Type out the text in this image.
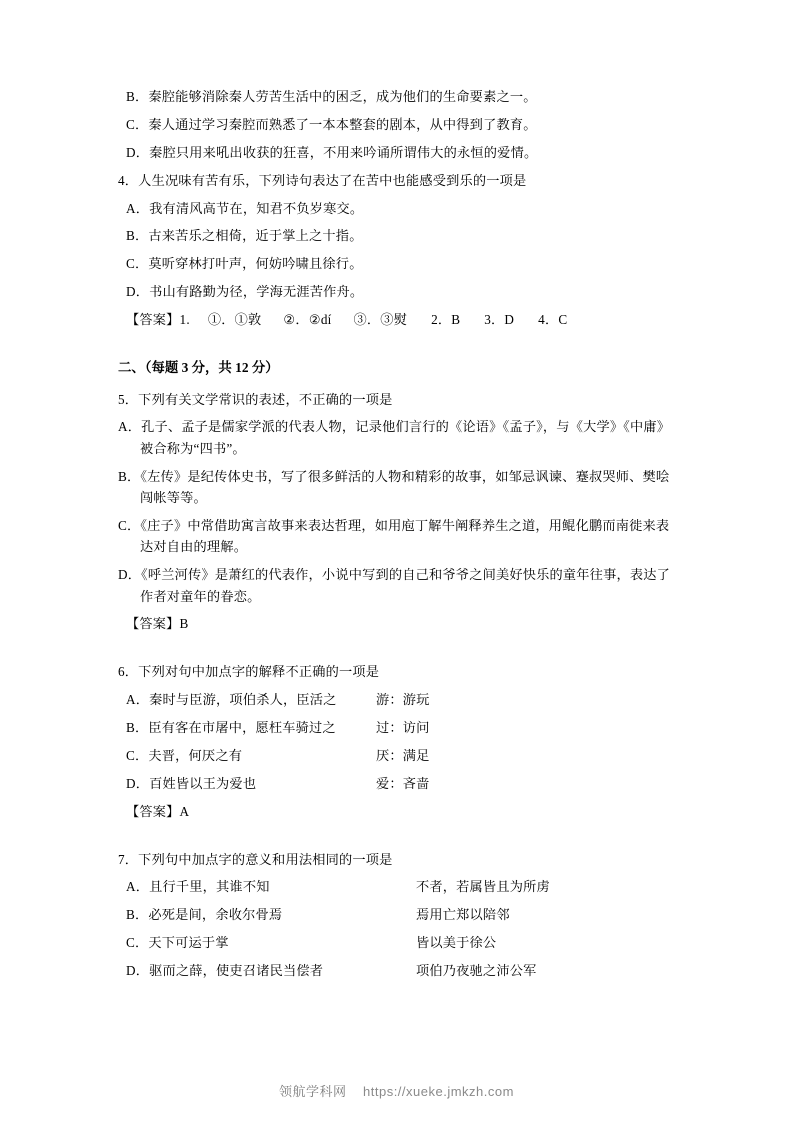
B．秦腔能够消除秦人劳苦生活中的困乏，成为他们的生命要素之一。
C．秦人通过学习秦腔而熟悉了一本本整套的剧本，从中得到了教育。
D．秦腔只用来吼出收获的狂喜，不用来吟诵所谓伟大的永恒的爱情。
4．人生况味有苦有乐，下列诗句表达了在苦中也能感受到乐的一项是
A．我有清风高节在，知君不负岁寒交。
B．古来苦乐之相倚，近于掌上之十指。
C．莫听穿林打叶声，何妨吟啸且徐行。
D．书山有路勤为径，学海无涯苦作舟。
【答案】1. ①．①敦 ②．②dí ③．③熨 2．B 3．D 4．C
二、（每题 3 分，共 12 分）
5．下列有关文学常识的表述，不正确的一项是
A．孔子、孟子是儒家学派的代表人物，记录他们言行的《论语》《孟子》，与《大学》《中庸》被合称为“四书”。
B．《左传》是纪传体史书，写了很多鲜活的人物和精彩的故事，如邹忌讽谏、蹇叔哭师、樊哙闯帐等等。
C．《庄子》中常借助寓言故事来表达哲理，如用庖丁解牛阐释养生之道，用鲲化鹏而南徙来表达对自由的理解。
D．《呼兰河传》是萧红的代表作，小说中写到的自己和爷爷之间美好快乐的童年往事，表达了作者对童年的眷恋。
【答案】B
6．下列对句中加点字的解释不正确的一项是
A．秦时与臣游，项伯杀人，臣活之	游：游玩
B．臣有客在市屠中，愿枉车骑过之	过：访问
C．夫晋，何厌之有	厌：满足
D．百姓皆以王为爱也	爱：吝啬
【答案】A
7．下列句中加点字的意义和用法相同的一项是
A．且行千里，其谁不知	不者，若属皆且为所虏
B．必死是间，余收尔骨焉	焉用亡郑以陪邻
C．天下可运于掌	皆以美于徐公
D．驱而之薛，使吏召诸民当偿者	项伯乃夜驰之沛公军
领航学科网 https://xueke.jmkzh.com
